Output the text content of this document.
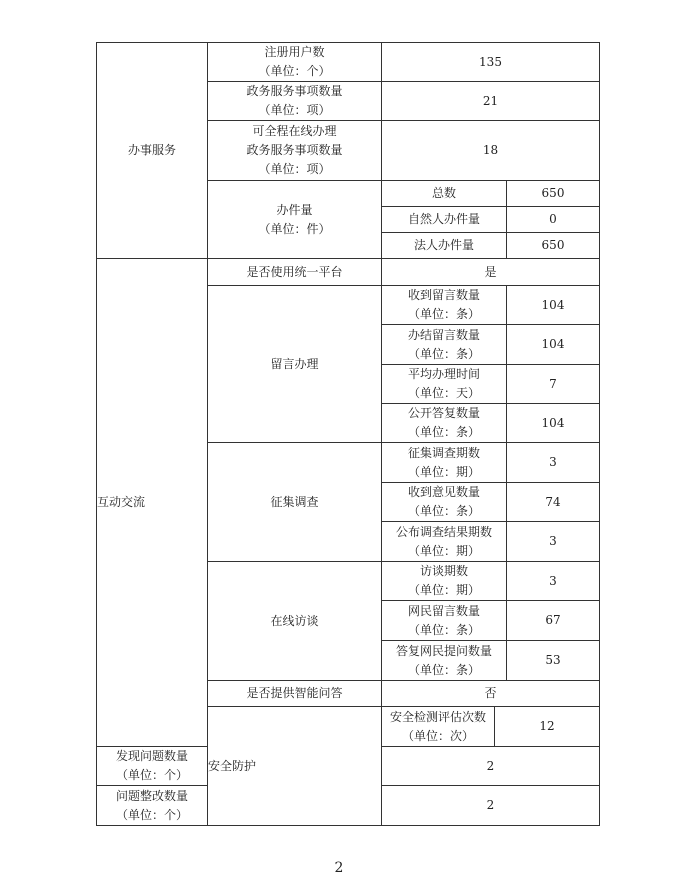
办事服务	注册用户数
（单位：个）	135		

	政务服务事项数量
（单位：项）	21		

	可全程在线办理
政务服务事项数量
（单位：项）	18		

	办件量
（单位：件）	总数		650
		自然人办件量		0
		法人办件量		650
互动交流	是否使用统一平台	是		
	留言办理	收到留言数量
（单位：条）		104

		办结留言数量
（单位：条）		104

		平均办理时间
（单位：天）		7

		公开答复数量
（单位：条）		104
	征集调查	征集调查期数
（单位：期）		3

		收到意见数量
（单位：条）		74

		公布调查结果期数
（单位：期）		3
	在线访谈	访谈期数
（单位：期）		3

		网民留言数量
（单位：条）		67

		答复网民提问数量
（单位：条）		53
	是否提供智能问答	否		
	安全防护	安全检测评估次数
（单位：次）	12	

发现问题数量
（单位：个）		2		

问题整改数量
（单位：个）		2		
2
